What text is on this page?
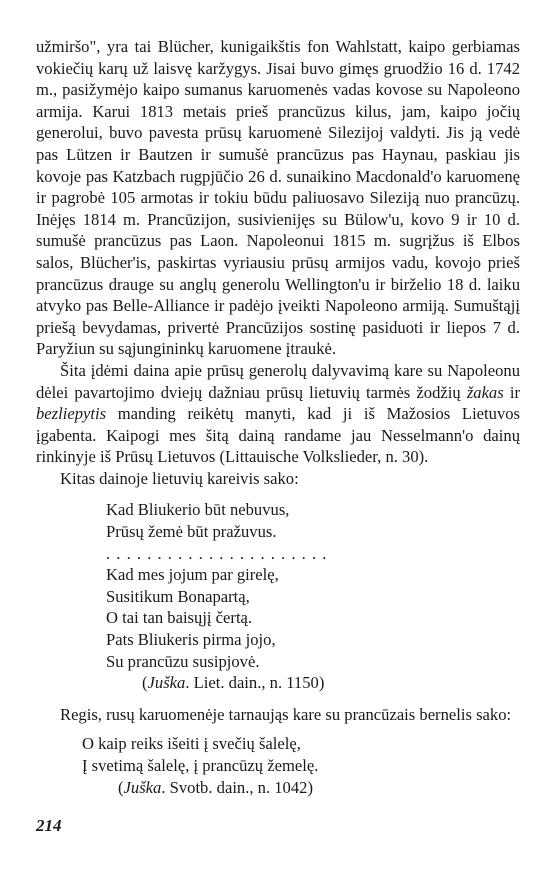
užmiršo", yra tai Blücher, kunigaikštis fon Wahlstatt, kaipo gerbiamas vokiečių karų už laisvę karžygys. Jisai buvo gimęs gruodžio 16 d. 1742 m., pasižymėjo kaipo sumanus karuomenės vadas kovose su Napoleono armija. Karui 1813 metais prieš prancūzus kilus, jam, kaipo jočių generolui, buvo pavesta prūsų karuomenė Silezijoj valdyti. Jis ją vedė pas Lützen ir Bautzen ir sumušė prancūzus pas Haynau, paskiau jis kovoje pas Katzbach rugpjūčio 26 d. sunaikino Macdonald'o karuomenę ir pagrobė 105 armotas ir tokiu būdu paliuosavo Sileziją nuo prancūzų. Inėjęs 1814 m. Prancūzijon, susivienijęs su Bülow'u, kovo 9 ir 10 d. sumušė prancūzus pas Laon. Napoleonui 1815 m. sugrįžus iš Elbos salos, Blücher'is, paskirtas vyriausiu prūsų armijos vadu, kovojo prieš prancūzus drauge su anglų generolu Wellington'u ir birželio 18 d. laiku atvyko pas Belle-Alliance ir padėjo įveikti Napoleono armiją. Sumuštąjį priešą bevydamas, privertė Prancūzijos sostinę pasiduoti ir liepos 7 d. Paryžiun su sąjungininkų karuomene įtraukė.

Šita įdėmi daina apie prūsų generolų dalyvavimą kare su Napoleonu dėlei pavartojimo dviejų dažniau prūsų lietuvių tarmės žodžių žakas ir bezliepytis manding reikėtų manyti, kad ji iš Mažosios Lietuvos įgabenta. Kaipogi mes šitą dainą randame jau Nesselmann'o dainų rinkinyje iš Prūsų Lietuvos (Littauische Volkslieder, n. 30).

Kitas dainoje lietuvių kareivis sako:

Kad Bliukerio būt nebuvus,
Prūsų žemė būt pražuvus.
. . . . . . . . . . . . . . . . . . . . . .
Kad mes jojum par girelę,
Susitikum Bonapartą,
O tai tan baisųjį čertą.
Pats Bliukeris pirma jojo,
Su prancūzu susipjovė.
(Juška. Liet. dain., n. 1150)

Regis, rusų karuomenėje tarnaująs kare su prancūzais bernelis sako:

O kaip reiks išeiti į svečių šalelę,
Į svetimą šalelę, į prancūzų žemelę.
(Juška. Svotb. dain., n. 1042)
214
